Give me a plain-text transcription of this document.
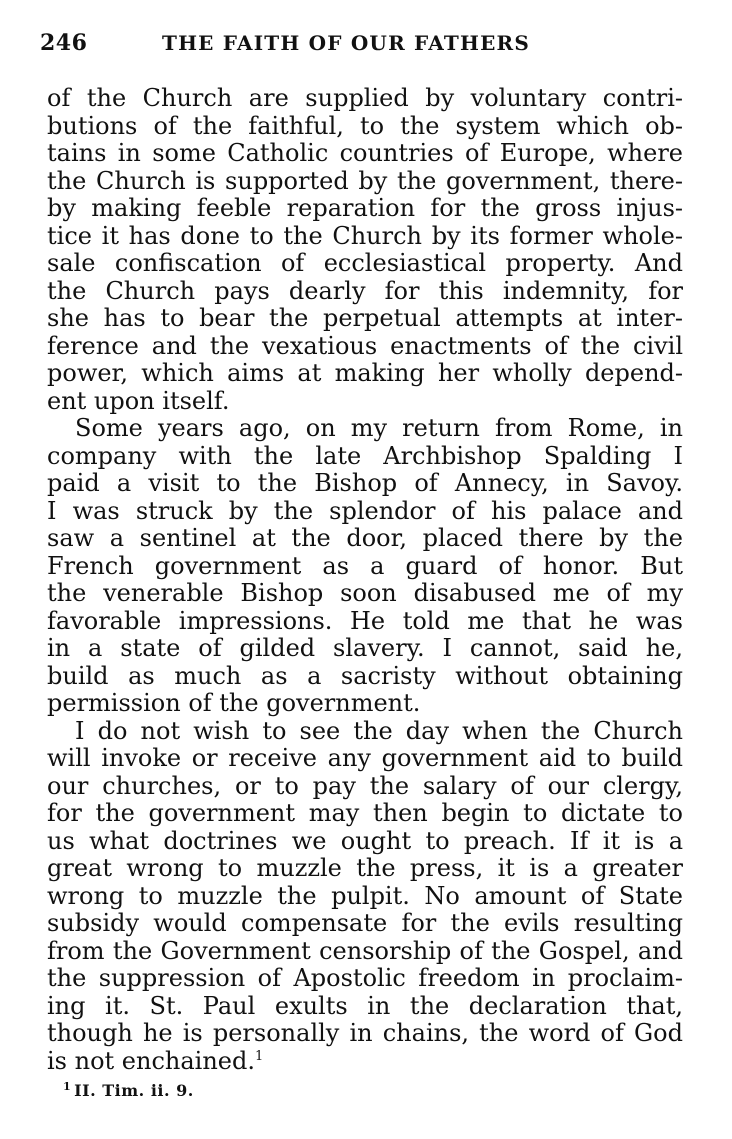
246	THE FAITH OF OUR FATHERS
of the Church are supplied by voluntary contri-
butions of the faithful, to the system which ob-
tains in some Catholic countries of Europe, where
the Church is supported by the government, there-
by making feeble reparation for the gross injus-
tice it has done to the Church by its former whole-
sale confiscation of ecclesiastical property. And
the Church pays dearly for this indemnity, for
she has to bear the perpetual attempts at inter-
ference and the vexatious enactments of the civil
power, which aims at making her wholly depend-
ent upon itself.
Some years ago, on my return from Rome, in
company with the late Archbishop Spalding I
paid a visit to the Bishop of Annecy, in Savoy.
I was struck by the splendor of his palace and
saw a sentinel at the door, placed there by the
French government as a guard of honor. But
the venerable Bishop soon disabused me of my
favorable impressions. He told me that he was
in a state of gilded slavery. I cannot, said he,
build as much as a sacristy without obtaining
permission of the government.
I do not wish to see the day when the Church
will invoke or receive any government aid to build
our churches, or to pay the salary of our clergy,
for the government may then begin to dictate to
us what doctrines we ought to preach. If it is a
great wrong to muzzle the press, it is a greater
wrong to muzzle the pulpit. No amount of State
subsidy would compensate for the evils resulting
from the Government censorship of the Gospel, and
the suppression of Apostolic freedom in proclaim-
ing it. St. Paul exults in the declaration that,
though he is personally in chains, the word of God
is not enchained.$^1$
$^1$ II. Tim. ii. 9.
